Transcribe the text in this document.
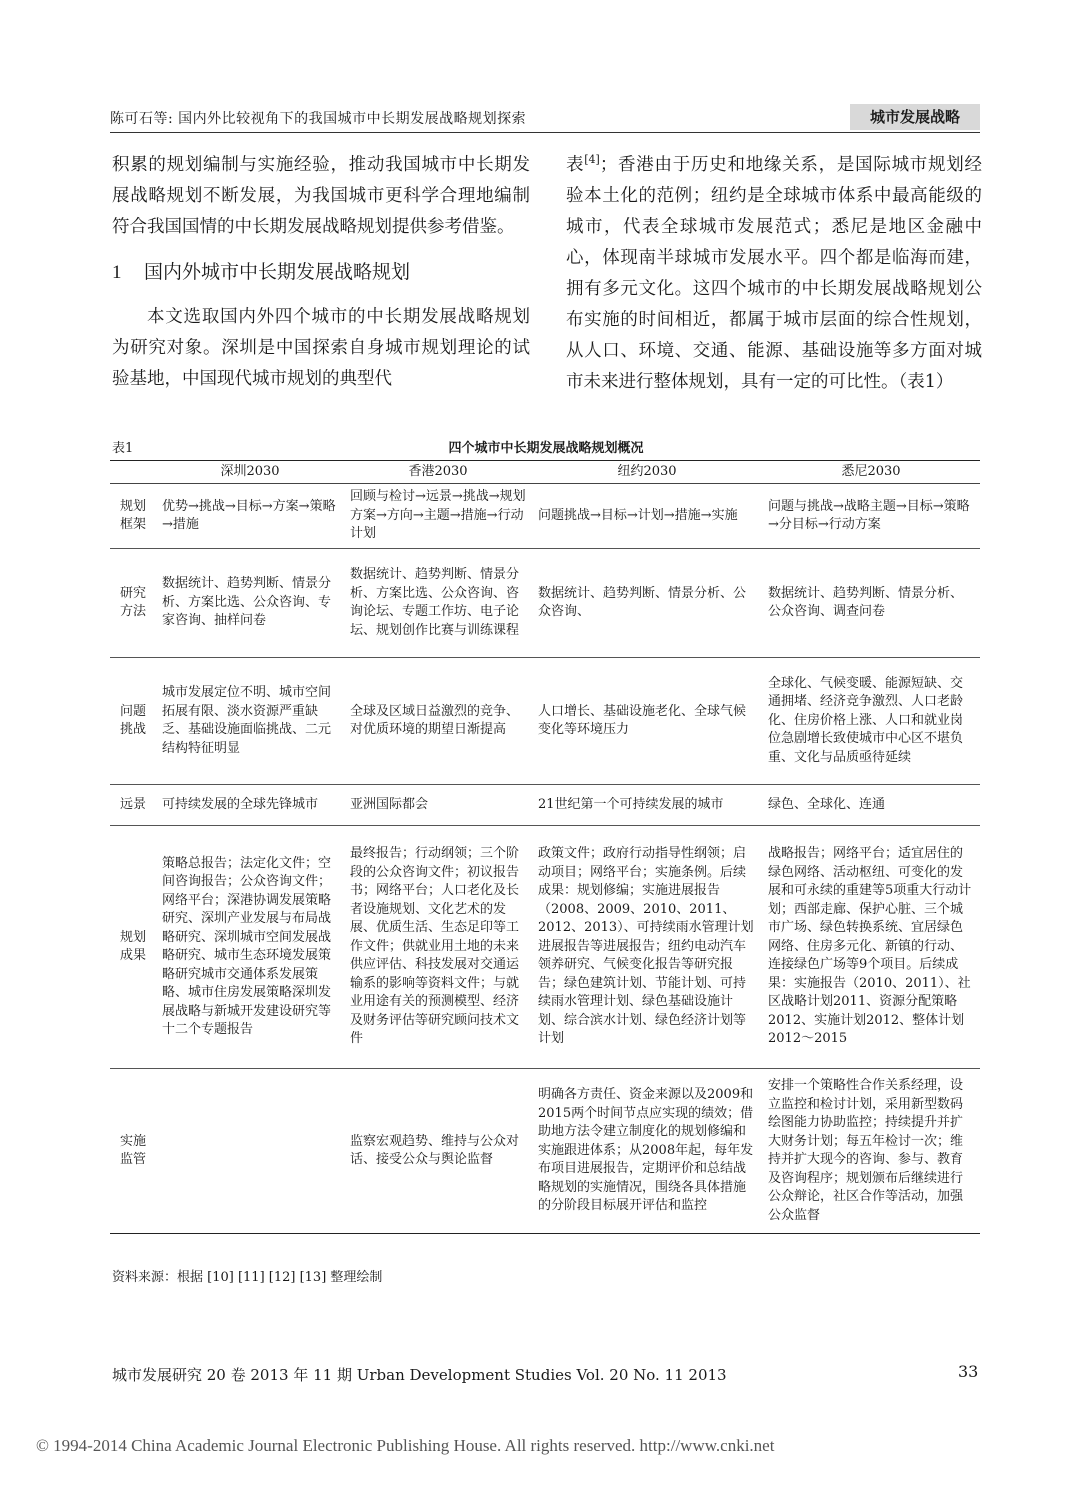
陈可石等: 国内外比较视角下的我国城市中长期发展战略规划探索	城市发展战略

积累的规划编制与实施经验，推动我国城市中长期发展战略规划不断发展，为我国城市更科学合理地编制符合我国国情的中长期发展战略规划提供参考借鉴。

1 国内外城市中长期发展战略规划

本文选取国内外四个城市的中长期发展战略规划为研究对象。深圳是中国探索自身城市规划理论的试验基地，中国现代城市规划的典型代

表[4]；香港由于历史和地缘关系，是国际城市规划经验本土化的范例；纽约是全球城市体系中最高能级的城市，代表全球城市发展范式；悉尼是地区金融中心，体现南半球城市发展水平。四个都是临海而建，拥有多元文化。这四个城市的中长期发展战略规划公布实施的时间相近，都属于城市层面的综合性规划，从人口、环境、交通、能源、基础设施等多方面对城市未来进行整体规划，具有一定的可比性。（表1）

表1	四个城市中长期发展战略规划概况
	深圳2030	香港2030	纽约2030	悉尼2030
规划框架	优势→挑战→目标→方案→策略→措施	回顾与检讨→远景→挑战→规划方案→方向→主题→措施→行动计划	问题挑战→目标→计划→措施→实施	问题与挑战→战略主题→目标→策略→分目标→行动方案
研究方法	数据统计、趋势判断、情景分析、方案比选、公众咨询、专家咨询、抽样问卷	数据统计、趋势判断、情景分析、方案比选、公众咨询、咨询论坛、专题工作坊、电子论坛、规划创作比赛与训练课程	数据统计、趋势判断、情景分析、公众咨询、	数据统计、趋势判断、情景分析、公众咨询、调查问卷
问题挑战	城市发展定位不明、城市空间拓展有限、淡水资源严重缺乏、基础设施面临挑战、二元结构特征明显	全球及区域日益激烈的竞争、对优质环境的期望日渐提高	人口增长、基础设施老化、全球气候变化等环境压力	全球化、气候变暖、能源短缺、交通拥堵、经济竞争激烈、人口老龄化、住房价格上涨、人口和就业岗位急剧增长致使城市中心区不堪负重、文化与品质亟待延续
远景	可持续发展的全球先锋城市	亚洲国际都会	21世纪第一个可持续发展的城市	绿色、全球化、连通
规划成果	策略总报告；法定化文件；空间咨询报告；公众咨询文件；网络平台；深港协调发展策略研究、深圳产业发展与布局战略研究、深圳城市空间发展战略研究、城市生态环境发展策略研究城市交通体系发展策略、城市住房发展策略深圳发展战略与新城开发建设研究等十二个专题报告	最终报告；行动纲领；三个阶段的公众咨询文件；初议报告书；网络平台；人口老化及长者设施规划、文化艺术的发展、优质生活、生态足印等工作文件；供就业用土地的未来供应评估、科技发展对交通运输系的影响等资料文件；与就业用途有关的预测模型、经济及财务评估等研究顾问技术文件	政策文件；政府行动指导性纲领；启动项目；网络平台；实施条例。后续成果：规划修编；实施进展报告（2008、2009、2010、2011、2012、2013）、可持续雨水管理计划进展报告等进展报告；纽约电动汽车领养研究、气候变化报告等研究报告；绿色建筑计划、节能计划、可持续雨水管理计划、绿色基础设施计划、综合滨水计划、绿色经济计划等计划	战略报告；网络平台；适宜居住的绿色网络、活动枢纽、可变化的发展和可永续的重建等5项重大行动计划；西部走廊、保护心脏、三个城市广场、绿色转换系统、宜居绿色网络、住房多元化、新镇的行动、连接绿色广场等9个项目。后续成果：实施报告（2010、2011）、社区战略计划2011、资源分配策略2012、实施计划2012、整体计划2012～2015
实施监管		监察宏观趋势、维持与公众对话、接受公众与舆论监督	明确各方责任、资金来源以及2009和2015两个时间节点应实现的绩效；借助地方法令建立制度化的规划修编和实施跟进体系；从2008年起，每年发布项目进展报告，定期评价和总结战略规划的实施情况，围绕各具体措施的分阶段目标展开评估和监控	安排一个策略性合作关系经理，设立监控和检讨计划，采用新型数码绘图能力协助监控；持续提升并扩大财务计划；每五年检讨一次；维持并扩大现今的咨询、参与、教育及咨询程序；规划颁布后继续进行公众辩论，社区合作等活动，加强公众监督
资料来源：根据 [10] [11] [12] [13] 整理绘制
城市发展研究 20 卷 2013 年 11 期 Urban Development Studies Vol. 20 No. 11 2013	33
© 1994-2014 China Academic Journal Electronic Publishing House. All rights reserved. http://www.cnki.net
